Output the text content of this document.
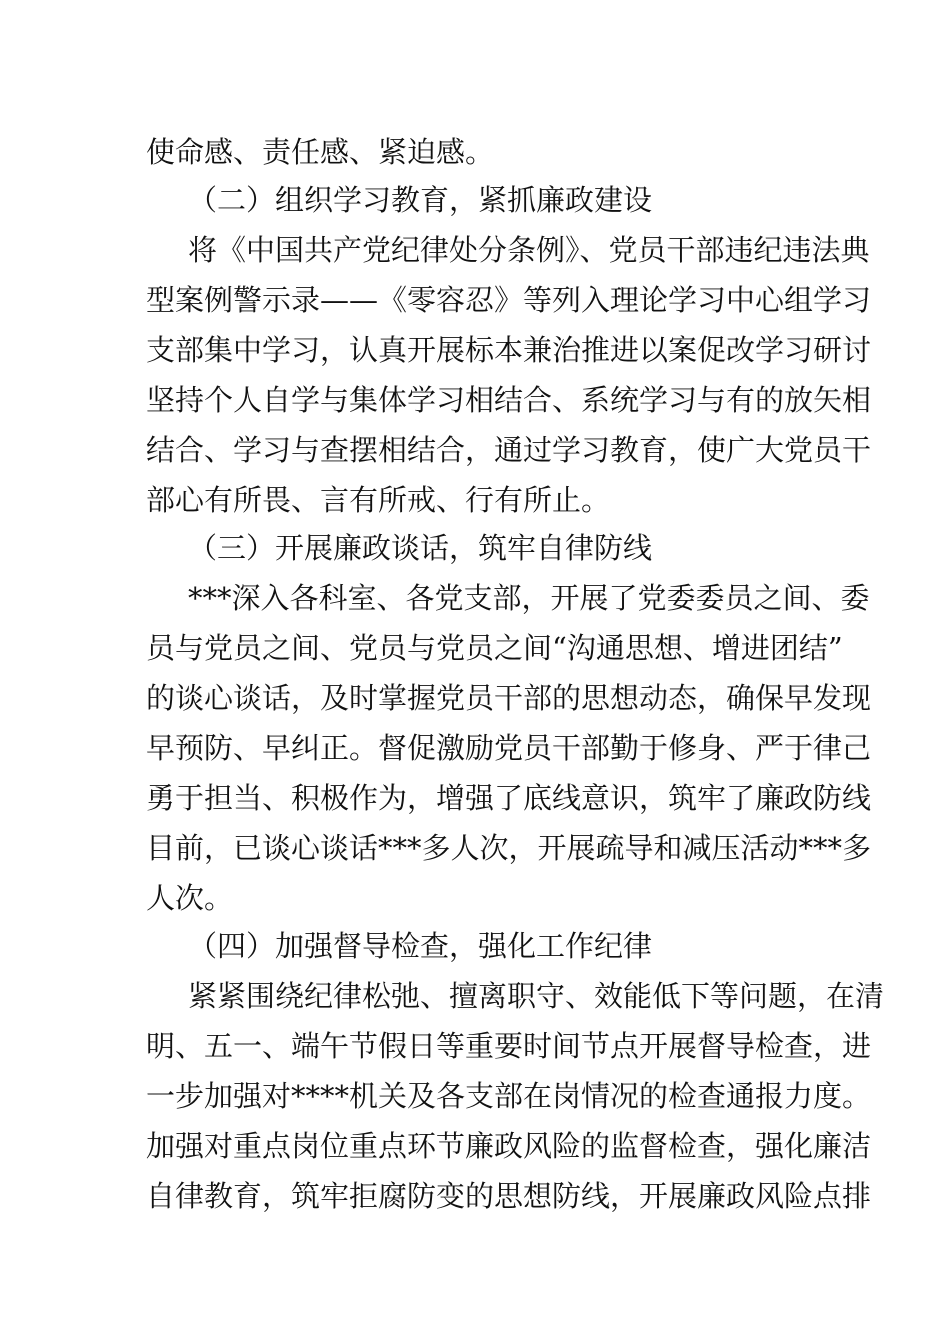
使命感、责任感、紧迫感。

（二）组织学习教育，紧抓廉政建设

将《中国共产党纪律处分条例》、党员干部违纪违法典

型案例警示录——《零容忍》等列入理论学习中心组学习

支部集中学习，认真开展标本兼治推进以案促改学习研讨

坚持个人自学与集体学习相结合、系统学习与有的放矢相

结合、学习与查摆相结合，通过学习教育，使广大党员干

部心有所畏、言有所戒、行有所止。

（三）开展廉政谈话，筑牢自律防线

***深入各科室、各党支部，开展了党委委员之间、委

员与党员之间、党员与党员之间“沟通思想、增进团结”

的谈心谈话，及时掌握党员干部的思想动态，确保早发现

早预防、早纠正。督促激励党员干部勤于修身、严于律己

勇于担当、积极作为，增强了底线意识，筑牢了廉政防线

目前，已谈心谈话***多人次，开展疏导和减压活动***多

人次。

（四）加强督导检查，强化工作纪律

紧紧围绕纪律松弛、擅离职守、效能低下等问题，在清

明、五一、端午节假日等重要时间节点开展督导检查，进

一步加强对****机关及各支部在岗情况的检查通报力度。

加强对重点岗位重点环节廉政风险的监督检查，强化廉洁

自律教育，筑牢拒腐防变的思想防线，开展廉政风险点排
